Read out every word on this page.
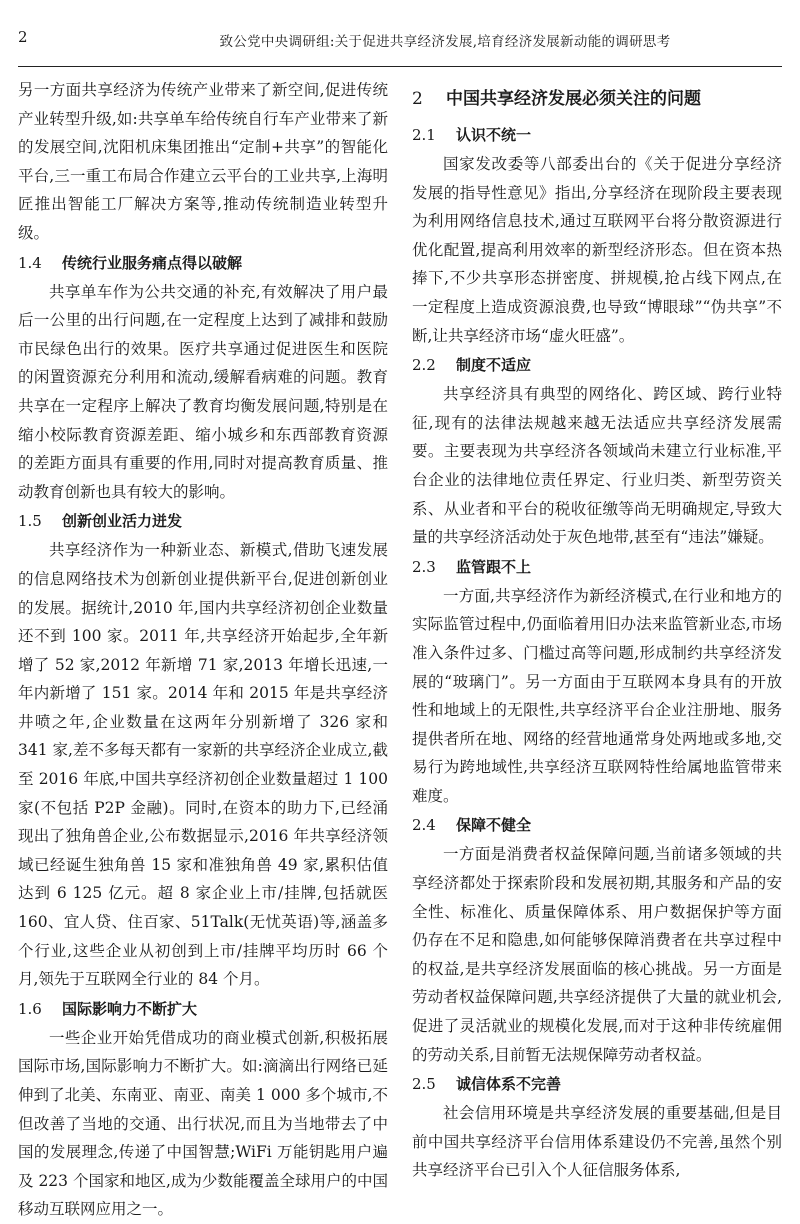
2	致公党中央调研组:关于促进共享经济发展,培育经济发展新动能的调研思考

另一方面共享经济为传统产业带来了新空间,促进传统产业转型升级,如:共享单车给传统自行车产业带来了新的发展空间,沈阳机床集团推出“定制+共享”的智能化平台,三一重工布局合作建立云平台的工业共享,上海明匠推出智能工厂解决方案等,推动传统制造业转型升级。

1.4 传统行业服务痛点得以破解

共享单车作为公共交通的补充,有效解决了用户最后一公里的出行问题,在一定程度上达到了减排和鼓励市民绿色出行的效果。医疗共享通过促进医生和医院的闲置资源充分利用和流动,缓解看病难的问题。教育共享在一定程序上解决了教育均衡发展问题,特别是在缩小校际教育资源差距、缩小城乡和东西部教育资源的差距方面具有重要的作用,同时对提高教育质量、推动教育创新也具有较大的影响。

1.5 创新创业活力迸发

共享经济作为一种新业态、新模式,借助飞速发展的信息网络技术为创新创业提供新平台,促进创新创业的发展。据统计,2010 年,国内共享经济初创企业数量还不到 100 家。2011 年,共享经济开始起步,全年新增了 52 家,2012 年新增 71 家,2013 年增长迅速,一年内新增了 151 家。2014 年和 2015 年是共享经济井喷之年,企业数量在这两年分别新增了 326 家和 341 家,差不多每天都有一家新的共享经济企业成立,截至 2016 年底,中国共享经济初创企业数量超过 1 100 家(不包括 P2P 金融)。同时,在资本的助力下,已经涌现出了独角兽企业,公布数据显示,2016 年共享经济领域已经诞生独角兽 15 家和准独角兽 49 家,累积估值达到 6 125 亿元。超 8 家企业上市/挂牌,包括就医 160、宜人贷、住百家、51Talk(无忧英语)等,涵盖多个行业,这些企业从初创到上市/挂牌平均历时 66 个月,领先于互联网全行业的 84 个月。

1.6 国际影响力不断扩大

一些企业开始凭借成功的商业模式创新,积极拓展国际市场,国际影响力不断扩大。如:滴滴出行网络已延伸到了北美、东南亚、南亚、南美 1 000 多个城市,不但改善了当地的交通、出行状况,而且为当地带去了中国的发展理念,传递了中国智慧;WiFi 万能钥匙用户遍及 223 个国家和地区,成为少数能覆盖全球用户的中国移动互联网应用之一。

2 中国共享经济发展必须关注的问题
2.1 认识不统一

国家发改委等八部委出台的《关于促进分享经济发展的指导性意见》指出,分享经济在现阶段主要表现为利用网络信息技术,通过互联网平台将分散资源进行优化配置,提高利用效率的新型经济形态。但在资本热捧下,不少共享形态拼密度、拼规模,抢占线下网点,在一定程度上造成资源浪费,也导致“博眼球”“伪共享”不断,让共享经济市场“虚火旺盛”。

2.2 制度不适应

共享经济具有典型的网络化、跨区域、跨行业特征,现有的法律法规越来越无法适应共享经济发展需要。主要表现为共享经济各领域尚未建立行业标准,平台企业的法律地位责任界定、行业归类、新型劳资关系、从业者和平台的税收征缴等尚无明确规定,导致大量的共享经济活动处于灰色地带,甚至有“违法”嫌疑。

2.3 监管跟不上

一方面,共享经济作为新经济模式,在行业和地方的实际监管过程中,仍面临着用旧办法来监管新业态,市场准入条件过多、门槛过高等问题,形成制约共享经济发展的“玻璃门”。另一方面由于互联网本身具有的开放性和地域上的无限性,共享经济平台企业注册地、服务提供者所在地、网络的经营地通常身处两地或多地,交易行为跨地域性,共享经济互联网特性给属地监管带来难度。

2.4 保障不健全

一方面是消费者权益保障问题,当前诸多领域的共享经济都处于探索阶段和发展初期,其服务和产品的安全性、标准化、质量保障体系、用户数据保护等方面仍存在不足和隐患,如何能够保障消费者在共享过程中的权益,是共享经济发展面临的核心挑战。另一方面是劳动者权益保障问题,共享经济提供了大量的就业机会,促进了灵活就业的规模化发展,而对于这种非传统雇佣的劳动关系,目前暂无法规保障劳动者权益。

2.5 诚信体系不完善

社会信用环境是共享经济发展的重要基础,但是目前中国共享经济平台信用体系建设仍不完善,虽然个别共享经济平台已引入个人征信服务体系,
